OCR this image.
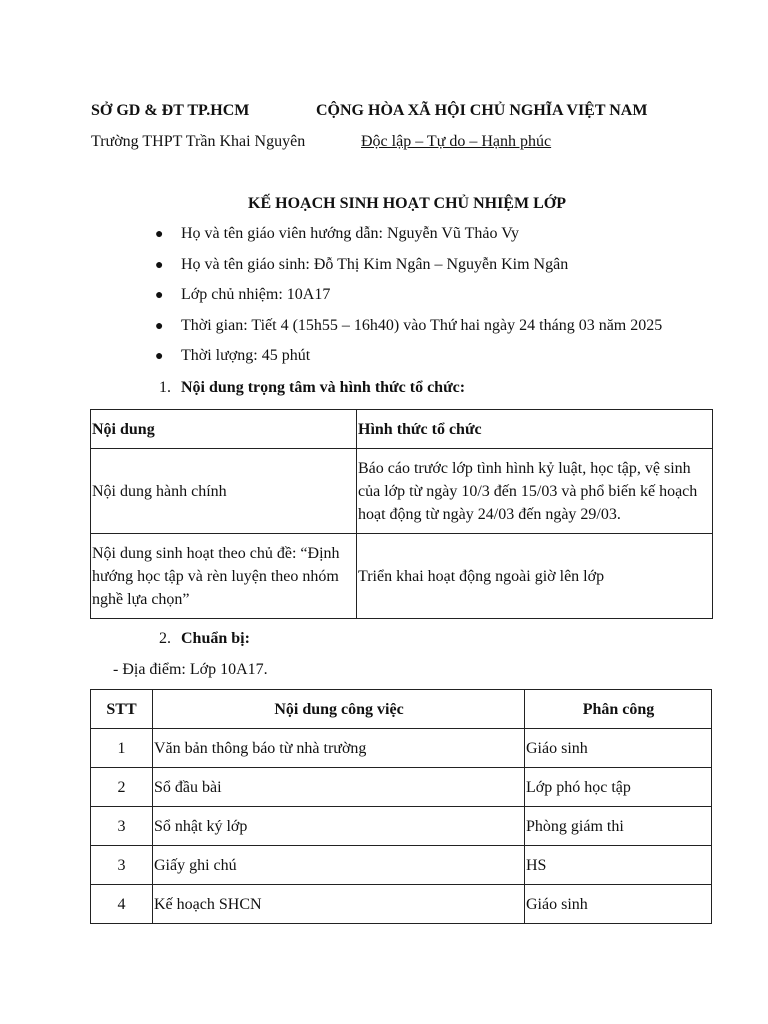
SỞ GD & ĐT TP.HCM	CỘNG HÒA XÃ HỘI CHỦ NGHĨA VIỆT NAM
Trường THPT Trần Khai Nguyên	Độc lập – Tự do – Hạnh phúc
KẾ HOẠCH SINH HOẠT CHỦ NHIỆM LỚP
● Họ và tên giáo viên hướng dẫn: Nguyễn Vũ Thảo Vy
● Họ và tên giáo sinh: Đỗ Thị Kim Ngân – Nguyễn Kim Ngân
● Lớp chủ nhiệm: 10A17
● Thời gian: Tiết 4 (15h55 – 16h40) vào Thứ hai ngày 24 tháng 03 năm 2025
● Thời lượng: 45 phút
1. Nội dung trọng tâm và hình thức tổ chức:
Nội dung	Hình thức tổ chức
Nội dung hành chính	Báo cáo trước lớp tình hình kỷ luật, học tập, vệ sinh của lớp từ ngày 10/3 đến 15/03 và phổ biến kế hoạch hoạt động từ ngày 24/03 đến ngày 29/03.
Nội dung sinh hoạt theo chủ đề: “Định hướng học tập và rèn luyện theo nhóm nghề lựa chọn”	Triển khai hoạt động ngoài giờ lên lớp
2. Chuẩn bị:
- Địa điểm: Lớp 10A17.
STT	Nội dung công việc	Phân công
1	Văn bản thông báo từ nhà trường	Giáo sinh
2	Sổ đầu bài	Lớp phó học tập
3	Sổ nhật ký lớp	Phòng giám thi
3	Giấy ghi chú	HS
4	Kế hoạch SHCN	Giáo sinh
